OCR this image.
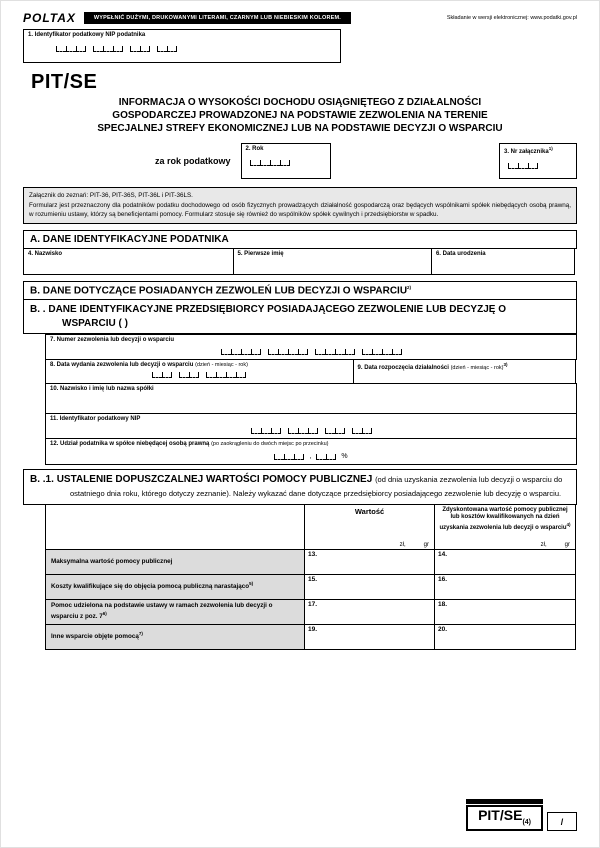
POLTAX	WYPEŁNIĆ DUŻYMI, DRUKOWANYMI LITERAMI, CZARNYM LUB NIEBIESKIM KOLOREM.	Składanie w wersji elektronicznej: www.podatki.gov.pl
1. Identyfikator podatkowy NIP podatnika
PIT/SE
INFORMACJA O WYSOKOŚCI DOCHODU OSIĄGNIĘTEGO Z DZIAŁALNOŚCI
GOSPODARCZEJ PROWADZONEJ NA PODSTAWIE ZEZWOLENIA NA TERENIE
SPECJALNEJ STREFY EKONOMICZNEJ LUB NA PODSTAWIE DECYZJI O WSPARCIU
za rok podatkowy
2. Rok	3. Nr załącznika$^{1)}$
Załącznik do zeznań: PIT-36, PIT-36S, PIT-36L i PIT-36LS.
Formularz jest przeznaczony dla podatników podatku dochodowego od osób fizycznych prowadzących działalność gospodarczą oraz będących wspólnikami spółek niebędących osobą prawną, w rozumieniu ustawy, którzy są beneficjentami pomocy. Formularz stosuje się również do wspólników spółek cywilnych i przedsiębiorstw w spadku.
A. DANE IDENTYFIKACYJNE PODATNIKA
4. Nazwisko	5. Pierwsze imię	6. Data urodzenia
B. DANE DOTYCZĄCE POSIADANYCH ZEZWOLEŃ LUB DECYZJI O WSPARCIU$^{2)}$
B. . DANE IDENTYFIKACYJNE PRZEDSIĘBIORCY POSIADAJĄCEGO ZEZWOLENIE LUB DECYZJĘ O WSPARCIU ( )
7. Numer zezwolenia lub decyzji o wsparciu
8. Data wydania zezwolenia lub decyzji o wsparciu (dzień - miesiąc - rok)	9. Data rozpoczęcia działalności (dzień - miesiąc - rok)$^{3)}$
10. Nazwisko i imię lub nazwa spółki
11. Identyfikator podatkowy NIP
12. Udział podatnika w spółce niebędącej osobą prawną (po zaokrągleniu do dwóch miejsc po przecinku)
,	%
B. .1. USTALENIE DOPUSZCZALNEJ WARTOŚCI POMOCY PUBLICZNEJ (od dnia uzyskania zezwolenia lub decyzji o wsparciu do ostatniego dnia roku, którego dotyczy zeznanie). Należy wykazać dane dotyczące przedsiębiorcy posiadającego zezwolenie lub decyzję o wsparciu.
Wartość
zł,	gr
Zdyskontowana wartość pomocy publicznej lub kosztów kwalifikowanych na dzień uzyskania zezwolenia lub decyzji o wsparciu$^{4)}$
zł,	gr
Maksymalna wartość pomocy publicznej
13.	14.
Koszty kwalifikujące się do objęcia pomocą publiczną narastająco$^{5)}$
15.	16.
Pomoc udzielona na podstawie ustawy w ramach zezwolenia lub decyzji o wsparciu z poz. 7$^{6)}$
17.	18.
Inne wsparcie objęte pomocą$^{7)}$
19.	20.
PIT/$SE_{(4)}$	/
